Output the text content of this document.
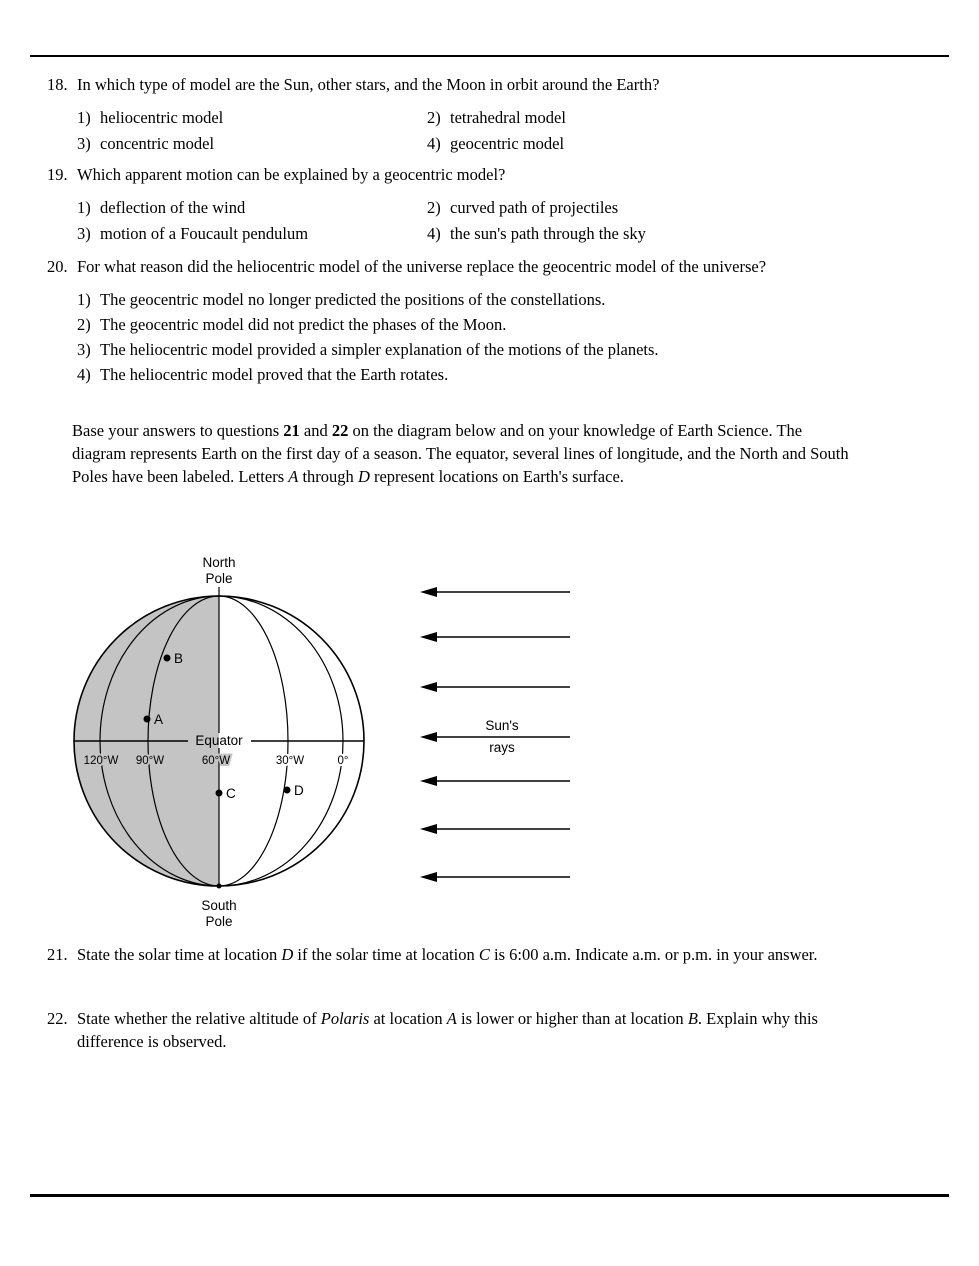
18. In which type of model are the Sun, other stars, and the Moon in orbit around the Earth?

1) heliocentric model	2) tetrahedral model
3) concentric model	4) geocentric model
19. Which apparent motion can be explained by a geocentric model?

1) deflection of the wind	2) curved path of projectiles
3) motion of a Foucault pendulum	4) the sun's path through the sky
20. For what reason did the heliocentric model of the universe replace the geocentric model of the universe?

1) The geocentric model no longer predicted the positions of the constellations.
2) The geocentric model did not predict the phases of the Moon.
3) The heliocentric model provided a simpler explanation of the motions of the planets.
4) The heliocentric model proved that the Earth rotates.

Base your answers to questions 21 and 22 on the diagram below and on your knowledge of Earth Science. The diagram represents Earth on the first day of a season. The equator, several lines of longitude, and the North and South Poles have been labeled. Letters A through D represent locations on Earth's surface.

Equator
120°W 90°W	60°W	30°W	0°
B
A
C	D
North
Pole
South
Pole
Sun's
rays
21. State the solar time at location D if the solar time at location C is 6:00 a.m. Indicate a.m. or p.m. in your answer.

22. State whether the relative altitude of Polaris at location A is lower or higher than at location B. Explain why this difference is observed.
